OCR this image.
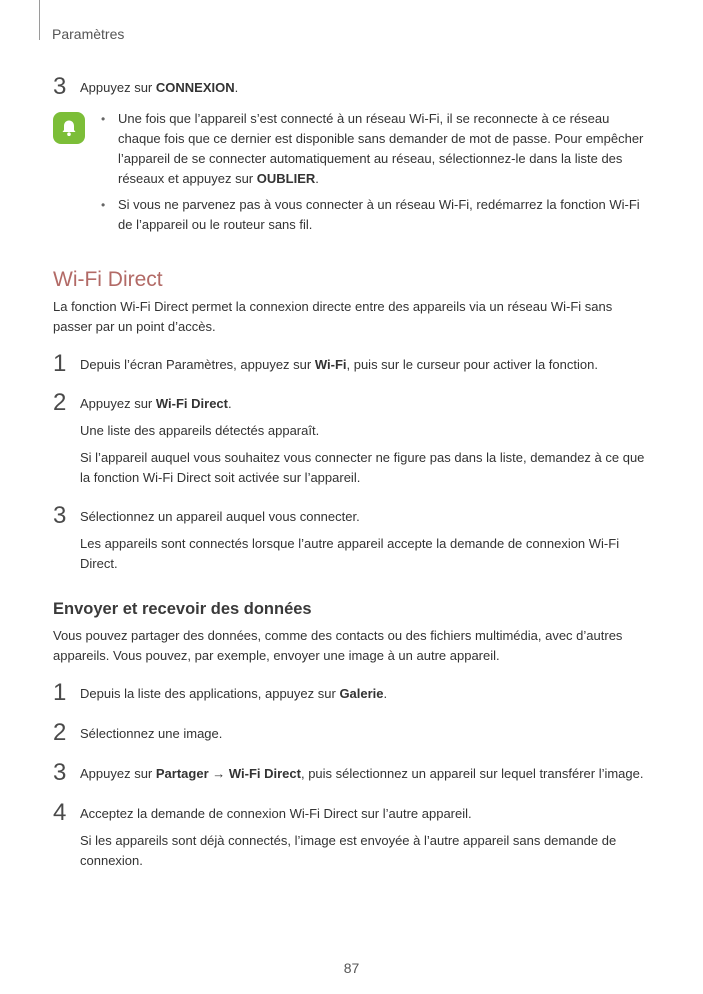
Paramètres
3	Appuyez sur CONNEXION.
• Une fois que l’appareil s’est connecté à un réseau Wi-Fi, il se reconnecte à ce réseau chaque fois que ce dernier est disponible sans demander de mot de passe. Pour empêcher l’appareil de se connecter automatiquement au réseau, sélectionnez-le dans la liste des réseaux et appuyez sur OUBLIER.
• Si vous ne parvenez pas à vous connecter à un réseau Wi-Fi, redémarrez la fonction Wi-Fi de l’appareil ou le routeur sans fil.
Wi-Fi Direct
La fonction Wi-Fi Direct permet la connexion directe entre des appareils via un réseau Wi-Fi sans passer par un point d’accès.
1	Depuis l’écran Paramètres, appuyez sur Wi-Fi, puis sur le curseur pour activer la fonction.
2	Appuyez sur Wi-Fi Direct.
Une liste des appareils détectés apparaît.
Si l’appareil auquel vous souhaitez vous connecter ne figure pas dans la liste, demandez à ce que la fonction Wi-Fi Direct soit activée sur l’appareil.
3	Sélectionnez un appareil auquel vous connecter.
Les appareils sont connectés lorsque l’autre appareil accepte la demande de connexion Wi-Fi Direct.
Envoyer et recevoir des données
Vous pouvez partager des données, comme des contacts ou des fichiers multimédia, avec d’autres appareils. Vous pouvez, par exemple, envoyer une image à un autre appareil.
1	Depuis la liste des applications, appuyez sur Galerie.
2	Sélectionnez une image.
3	Appuyez sur Partager → Wi-Fi Direct, puis sélectionnez un appareil sur lequel transférer l’image.
4	Acceptez la demande de connexion Wi-Fi Direct sur l’autre appareil.
Si les appareils sont déjà connectés, l’image est envoyée à l’autre appareil sans demande de connexion.
87
